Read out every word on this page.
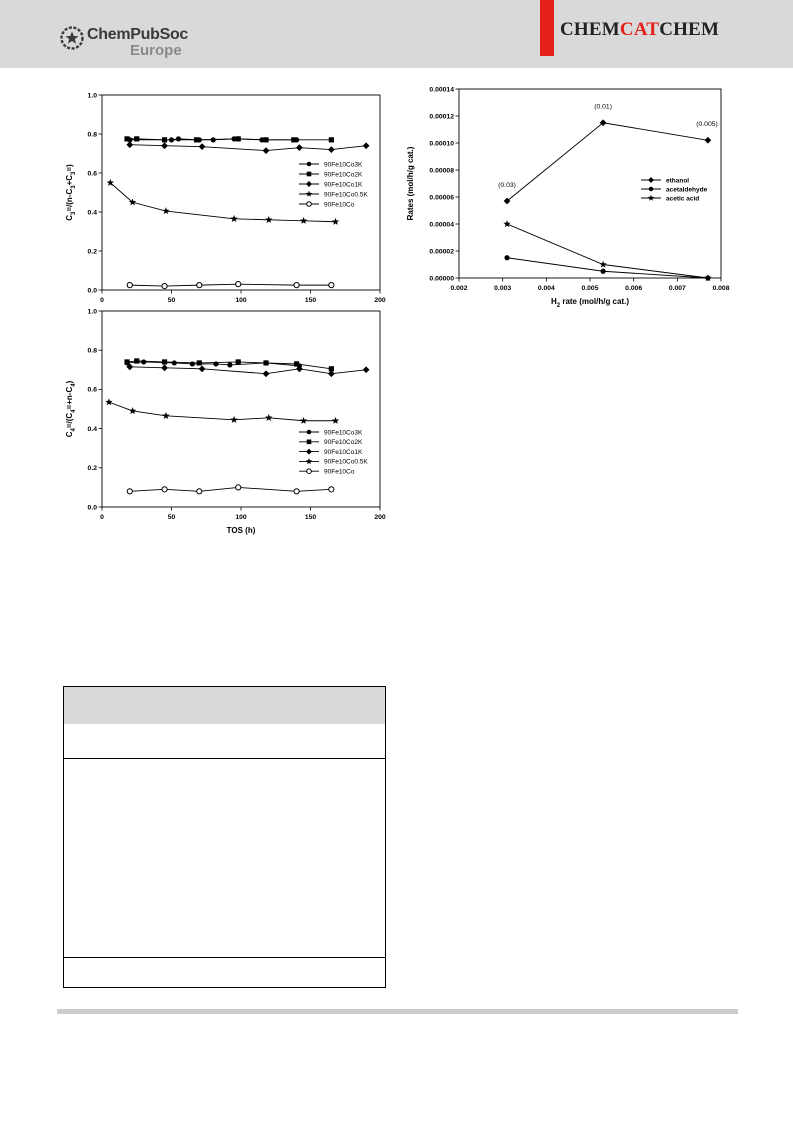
ChemPubSoc
Europe
CHEMCATCHEM
0	50	100	150	200
0.0
0.2
0.4
0.6
0.8
1.0
90Fe10Co3K
90Fe10Co2K
90Fe10Co1K
90Fe10Co0.5K
90Fe10Co
$C_3=/(n-C_3+C_3=)$
0	50	100	150	200
0.0
0.2
0.4
0.6
0.8
1.0
90Fe10Co3K
90Fe10Co2K
90Fe10Co1K
90Fe10Co0.5K
90Fe10Co
TOS (h)
$C_4=/(C_4=+n-C_4)$
0.002	0.003	0.004	0.005	0.006	0.007	0.008
0.00000
0.00002
0.00004
0.00006
0.00008
0.00010
0.00012
0.00014
ethanol
acetaldehyde
acetic acid
$H_2$ rate (mol/h/g cat.)
Rates (mol/h/g cat.)	(0.03)
(0.01)
(0.005)
